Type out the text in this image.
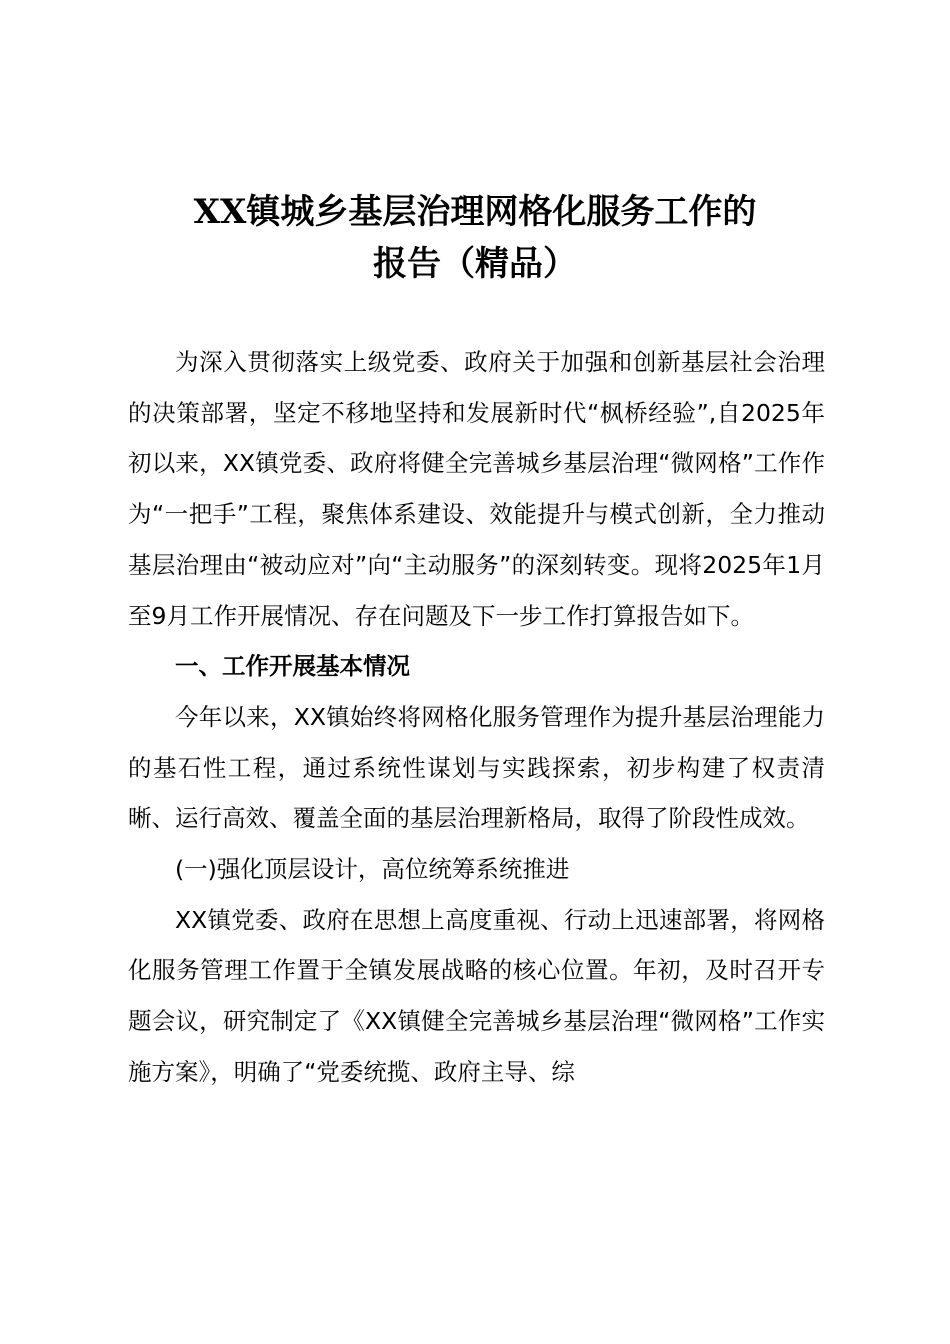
XX镇城乡基层治理网格化服务工作的
报告（精品）

为深入贯彻落实上级党委、政府关于加强和创新基层社会治理的决策部署，坚定不移地坚持和发展新时代“枫桥经验”,自2025年初以来，XX镇党委、政府将健全完善城乡基层治理“微网格”工作作为“一把手”工程，聚焦体系建设、效能提升与模式创新，全力推动基层治理由“被动应对”向“主动服务”的深刻转变。现将2025年1月至9月工作开展情况、存在问题及下一步工作打算报告如下。

一、工作开展基本情况

今年以来，XX镇始终将网格化服务管理作为提升基层治理能力的基石性工程，通过系统性谋划与实践探索，初步构建了权责清晰、运行高效、覆盖全面的基层治理新格局，取得了阶段性成效。

(一)强化顶层设计，高位统筹系统推进

XX镇党委、政府在思想上高度重视、行动上迅速部署，将网格化服务管理工作置于全镇发展战略的核心位置。年初，及时召开专题会议，研究制定了《XX镇健全完善城乡基层治理“微网格”工作实施方案》，明确了“党委统揽、政府主导、综
